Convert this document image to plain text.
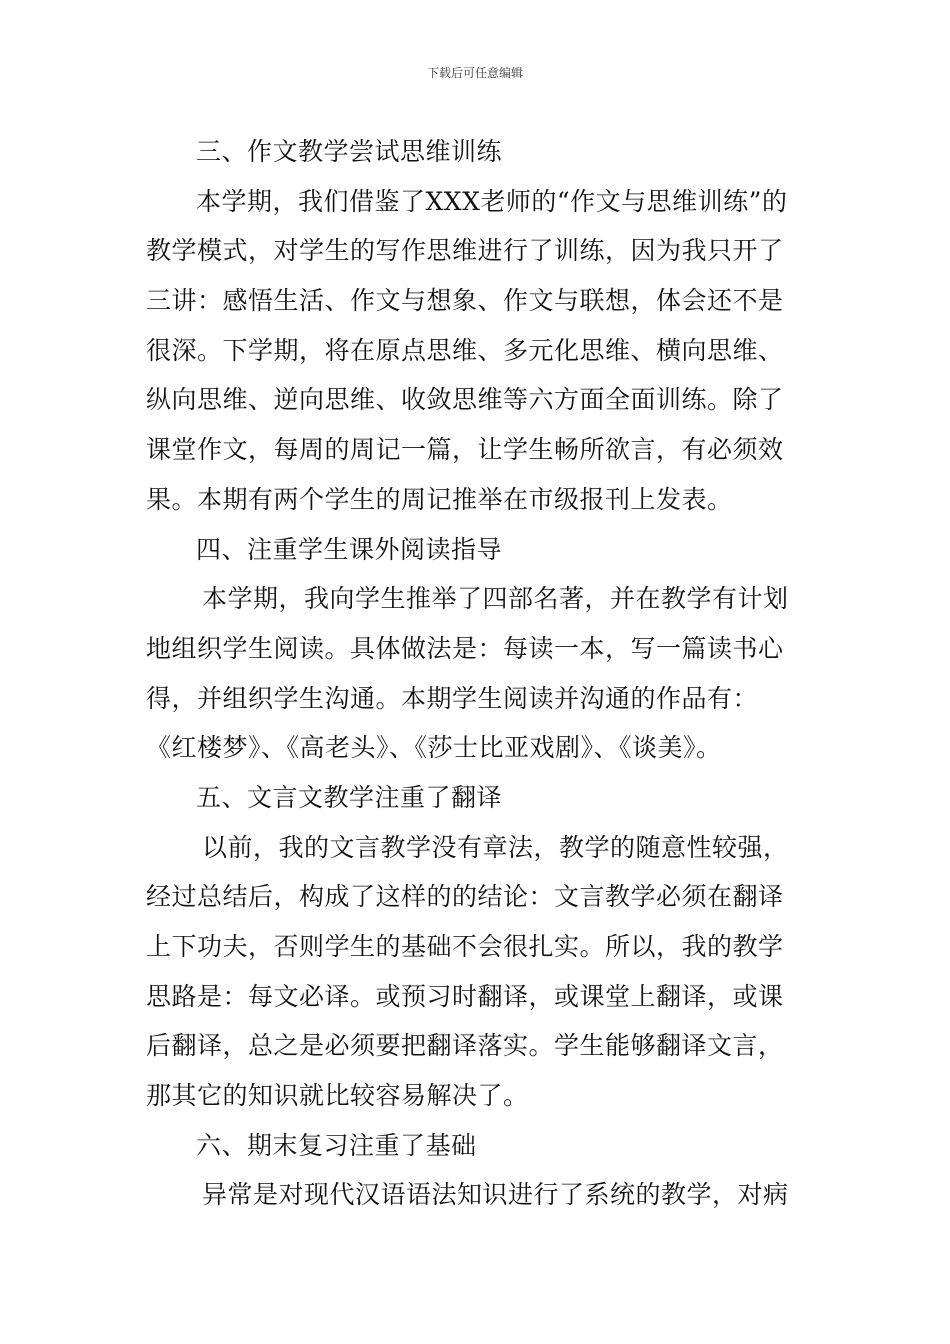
下载后可任意编辑
三、作文教学尝试思维训练
本学期，我们借鉴了XXX老师的“作文与思维训练”的
教学模式，对学生的写作思维进行了训练，因为我只开了
三讲：感悟生活、作文与想象、作文与联想，体会还不是
很深。下学期，将在原点思维、多元化思维、横向思维、
纵向思维、逆向思维、收敛思维等六方面全面训练。除了
课堂作文，每周的周记一篇，让学生畅所欲言，有必须效
果。本期有两个学生的周记推举在市级报刊上发表。
四、注重学生课外阅读指导
本学期，我向学生推举了四部名著，并在教学有计划
地组织学生阅读。具体做法是：每读一本，写一篇读书心
得，并组织学生沟通。本期学生阅读并沟通的作品有：
《红楼梦》、《高老头》、《莎士比亚戏剧》、《谈美》。
五、文言文教学注重了翻译
以前，我的文言教学没有章法，教学的随意性较强，
经过总结后，构成了这样的的结论：文言教学必须在翻译
上下功夫，否则学生的基础不会很扎实。所以，我的教学
思路是：每文必译。或预习时翻译，或课堂上翻译，或课
后翻译，总之是必须要把翻译落实。学生能够翻译文言，
那其它的知识就比较容易解决了。
六、期末复习注重了基础
异常是对现代汉语语法知识进行了系统的教学，对病
